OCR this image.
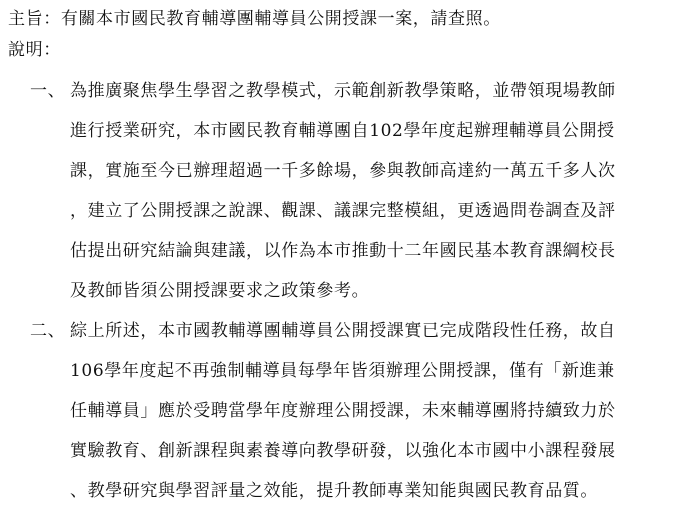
主旨：有關本市國民教育輔導團輔導員公開授課一案，請查照。
說明：
一、 為推廣聚焦學生學習之教學模式，示範創新教學策略，並帶領現場教師
進行授業研究，本市國民教育輔導團自102學年度起辦理輔導員公開授
課，實施至今已辦理超過一千多餘場，參與教師高達約一萬五千多人次
，建立了公開授課之說課、觀課、議課完整模組，更透過問卷調查及評
估提出研究結論與建議，以作為本市推動十二年國民基本教育課綱校長
及教師皆須公開授課要求之政策參考。
二、 綜上所述，本市國教輔導團輔導員公開授課實已完成階段性任務，故自
106學年度起不再強制輔導員每學年皆須辦理公開授課，僅有「新進兼
任輔導員」應於受聘當學年度辦理公開授課，未來輔導團將持續致力於
實驗教育、創新課程與素養導向教學研發，以強化本市國中小課程發展
、教學研究與學習評量之效能，提升教師專業知能與國民教育品質。
